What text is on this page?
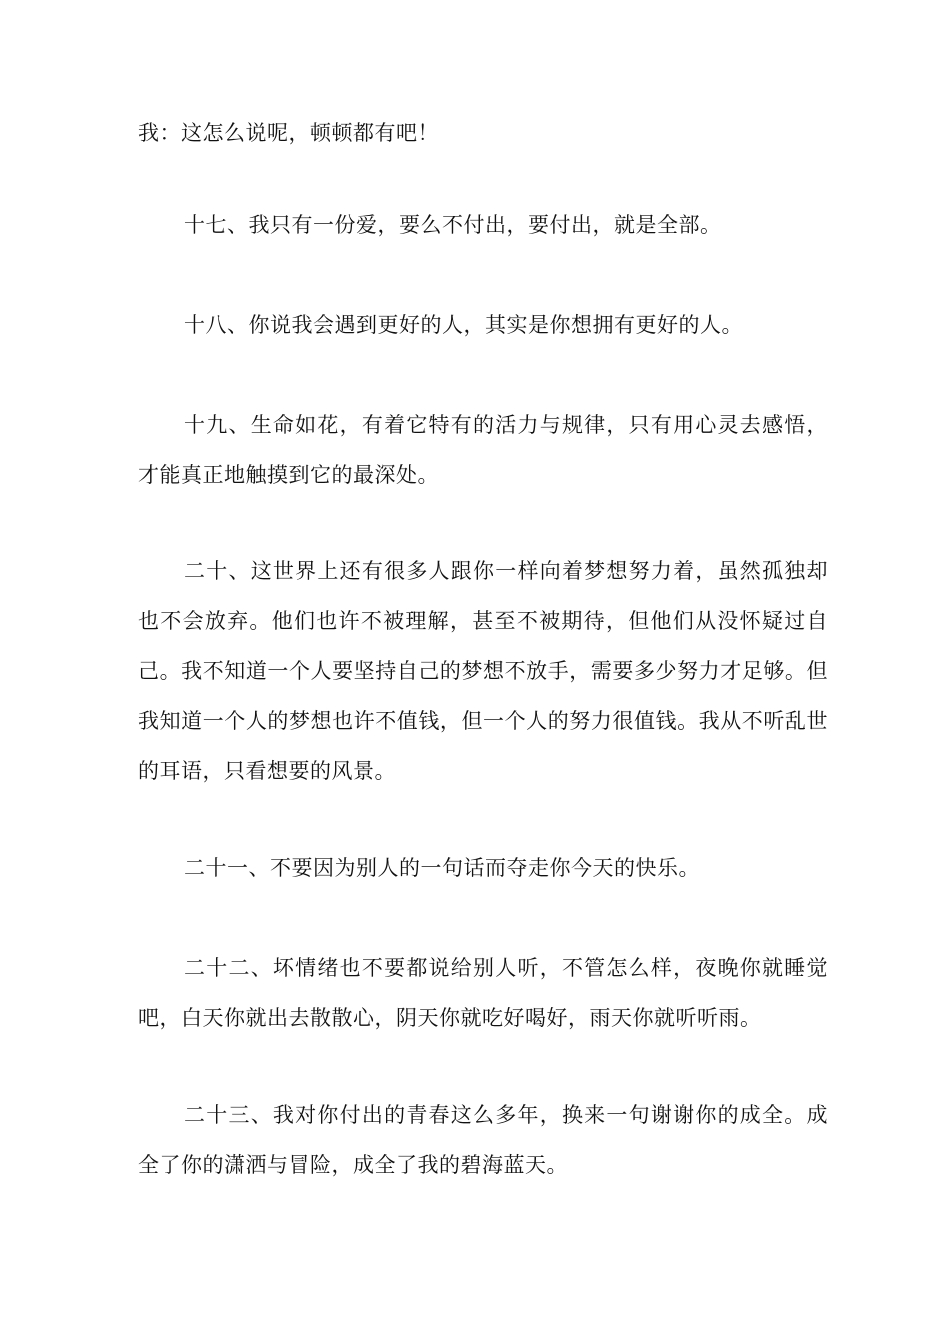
我：这怎么说呢，顿顿都有吧！

十七、我只有一份爱，要么不付出，要付出，就是全部。

十八、你说我会遇到更好的人，其实是你想拥有更好的人。

十九、生命如花，有着它特有的活力与规律，只有用心灵去感悟，才能真正地触摸到它的最深处。

二十、这世界上还有很多人跟你一样向着梦想努力着，虽然孤独却也不会放弃。他们也许不被理解，甚至不被期待，但他们从没怀疑过自己。我不知道一个人要坚持自己的梦想不放手，需要多少努力才足够。但我知道一个人的梦想也许不值钱，但一个人的努力很值钱。我从不听乱世的耳语，只看想要的风景。

二十一、不要因为别人的一句话而夺走你今天的快乐。

二十二、坏情绪也不要都说给别人听，不管怎么样，夜晚你就睡觉吧，白天你就出去散散心，阴天你就吃好喝好，雨天你就听听雨。

二十三、我对你付出的青春这么多年，换来一句谢谢你的成全。成全了你的潇洒与冒险，成全了我的碧海蓝天。
